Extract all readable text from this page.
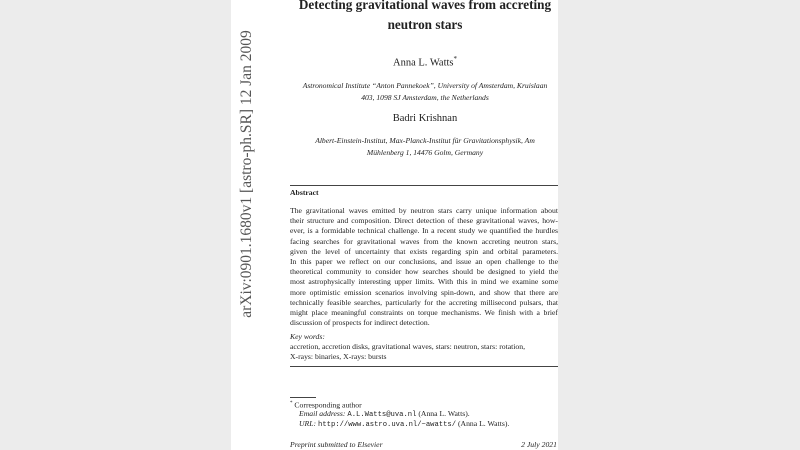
arXiv:0901.1680v1 [astro-ph.SR] 12 Jan 2009
Detecting gravitational waves from accreting
neutron stars
Anna L. Watts*
Astronomical Institute “Anton Pannekoek”, University of Amsterdam, Kruislaan
403, 1098 SJ Amsterdam, the Netherlands
Badri Krishnan
Albert-Einstein-Institut, Max-Planck-Institut für Gravitationsphysik, Am
Mühlenberg 1, 14476 Golm, Germany
Abstract
The gravitational waves emitted by neutron stars carry unique information about
their structure and composition. Direct detection of these gravitational waves, how-
ever, is a formidable technical challenge. In a recent study we quantified the hurdles
facing searches for gravitational waves from the known accreting neutron stars,
given the level of uncertainty that exists regarding spin and orbital parameters.
In this paper we reflect on our conclusions, and issue an open challenge to the
theoretical community to consider how searches should be designed to yield the
most astrophysically interesting upper limits. With this in mind we examine some
more optimistic emission scenarios involving spin-down, and show that there are
technically feasible searches, particularly for the accreting millisecond pulsars, that
might place meaningful constraints on torque mechanisms. We finish with a brief
discussion of prospects for indirect detection.
Key words:
accretion, accretion disks, gravitational waves, stars: neutron, stars: rotation,
X-rays: binaries, X-rays: bursts
* Corresponding author
Email address: A.L.Watts@uva.nl (Anna L. Watts).
URL: http://www.astro.uva.nl/~awatts/ (Anna L. Watts).
Preprint submitted to Elsevier	2 July 2021
